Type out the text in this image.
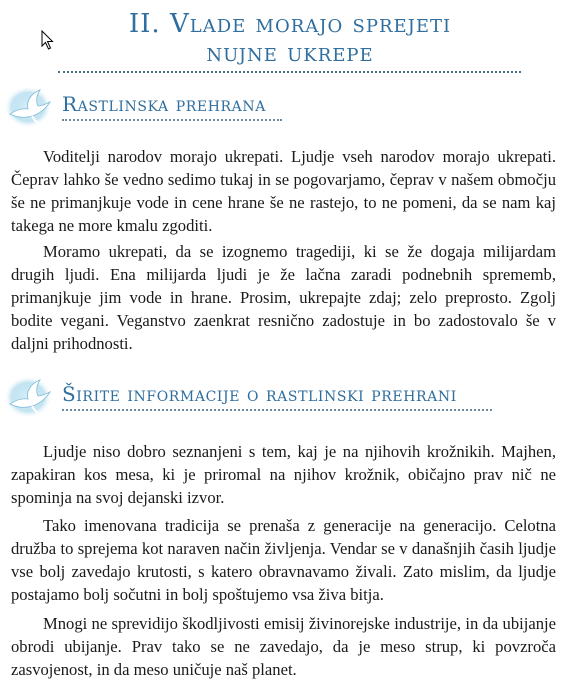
II. Vlade morajo sprejeti
nujne ukrepe
Rastlinska prehrana
Voditelji narodov morajo ukrepati. Ljudje vseh narodov morajo ukrepati. Čeprav lahko še vedno sedimo tukaj in se pogovarjamo, čeprav v našem območju še ne primanjkuje vode in cene hrane še ne rastejo, to ne pomeni, da se nam kaj takega ne more kmalu zgoditi.
Moramo ukrepati, da se izognemo tragediji, ki se že dogaja milijardam drugih ljudi. Ena milijarda ljudi je že lačna zaradi podnebnih sprememb, primanjkuje jim vode in hrane. Prosim, ukrepajte zdaj; zelo preprosto. Zgolj bodite vegani. Veganstvo zaenkrat resnično zadostuje in bo zadostovalo še v daljni prihodnosti.
Širite informacije o rastlinski prehrani
Ljudje niso dobro seznanjeni s tem, kaj je na njihovih krožnikih. Majhen, zapakiran kos mesa, ki je priromal na njihov krožnik, običajno prav nič ne spominja na svoj dejanski izvor.
Tako imenovana tradicija se prenaša z generacije na generacijo. Celotna družba to sprejema kot naraven način življenja. Vendar se v današnjih časih ljudje vse bolj zavedajo krutosti, s katero obravnavamo živali. Zato mislim, da ljudje postajamo bolj sočutni in bolj spoštujemo vsa živa bitja.
Mnogi ne sprevidijo škodljivosti emisij živinorejske industrije, in da ubijanje obrodi ubijanje. Prav tako se ne zavedajo, da je meso strup, ki povzroča zasvojenost, in da meso uničuje naš planet.
